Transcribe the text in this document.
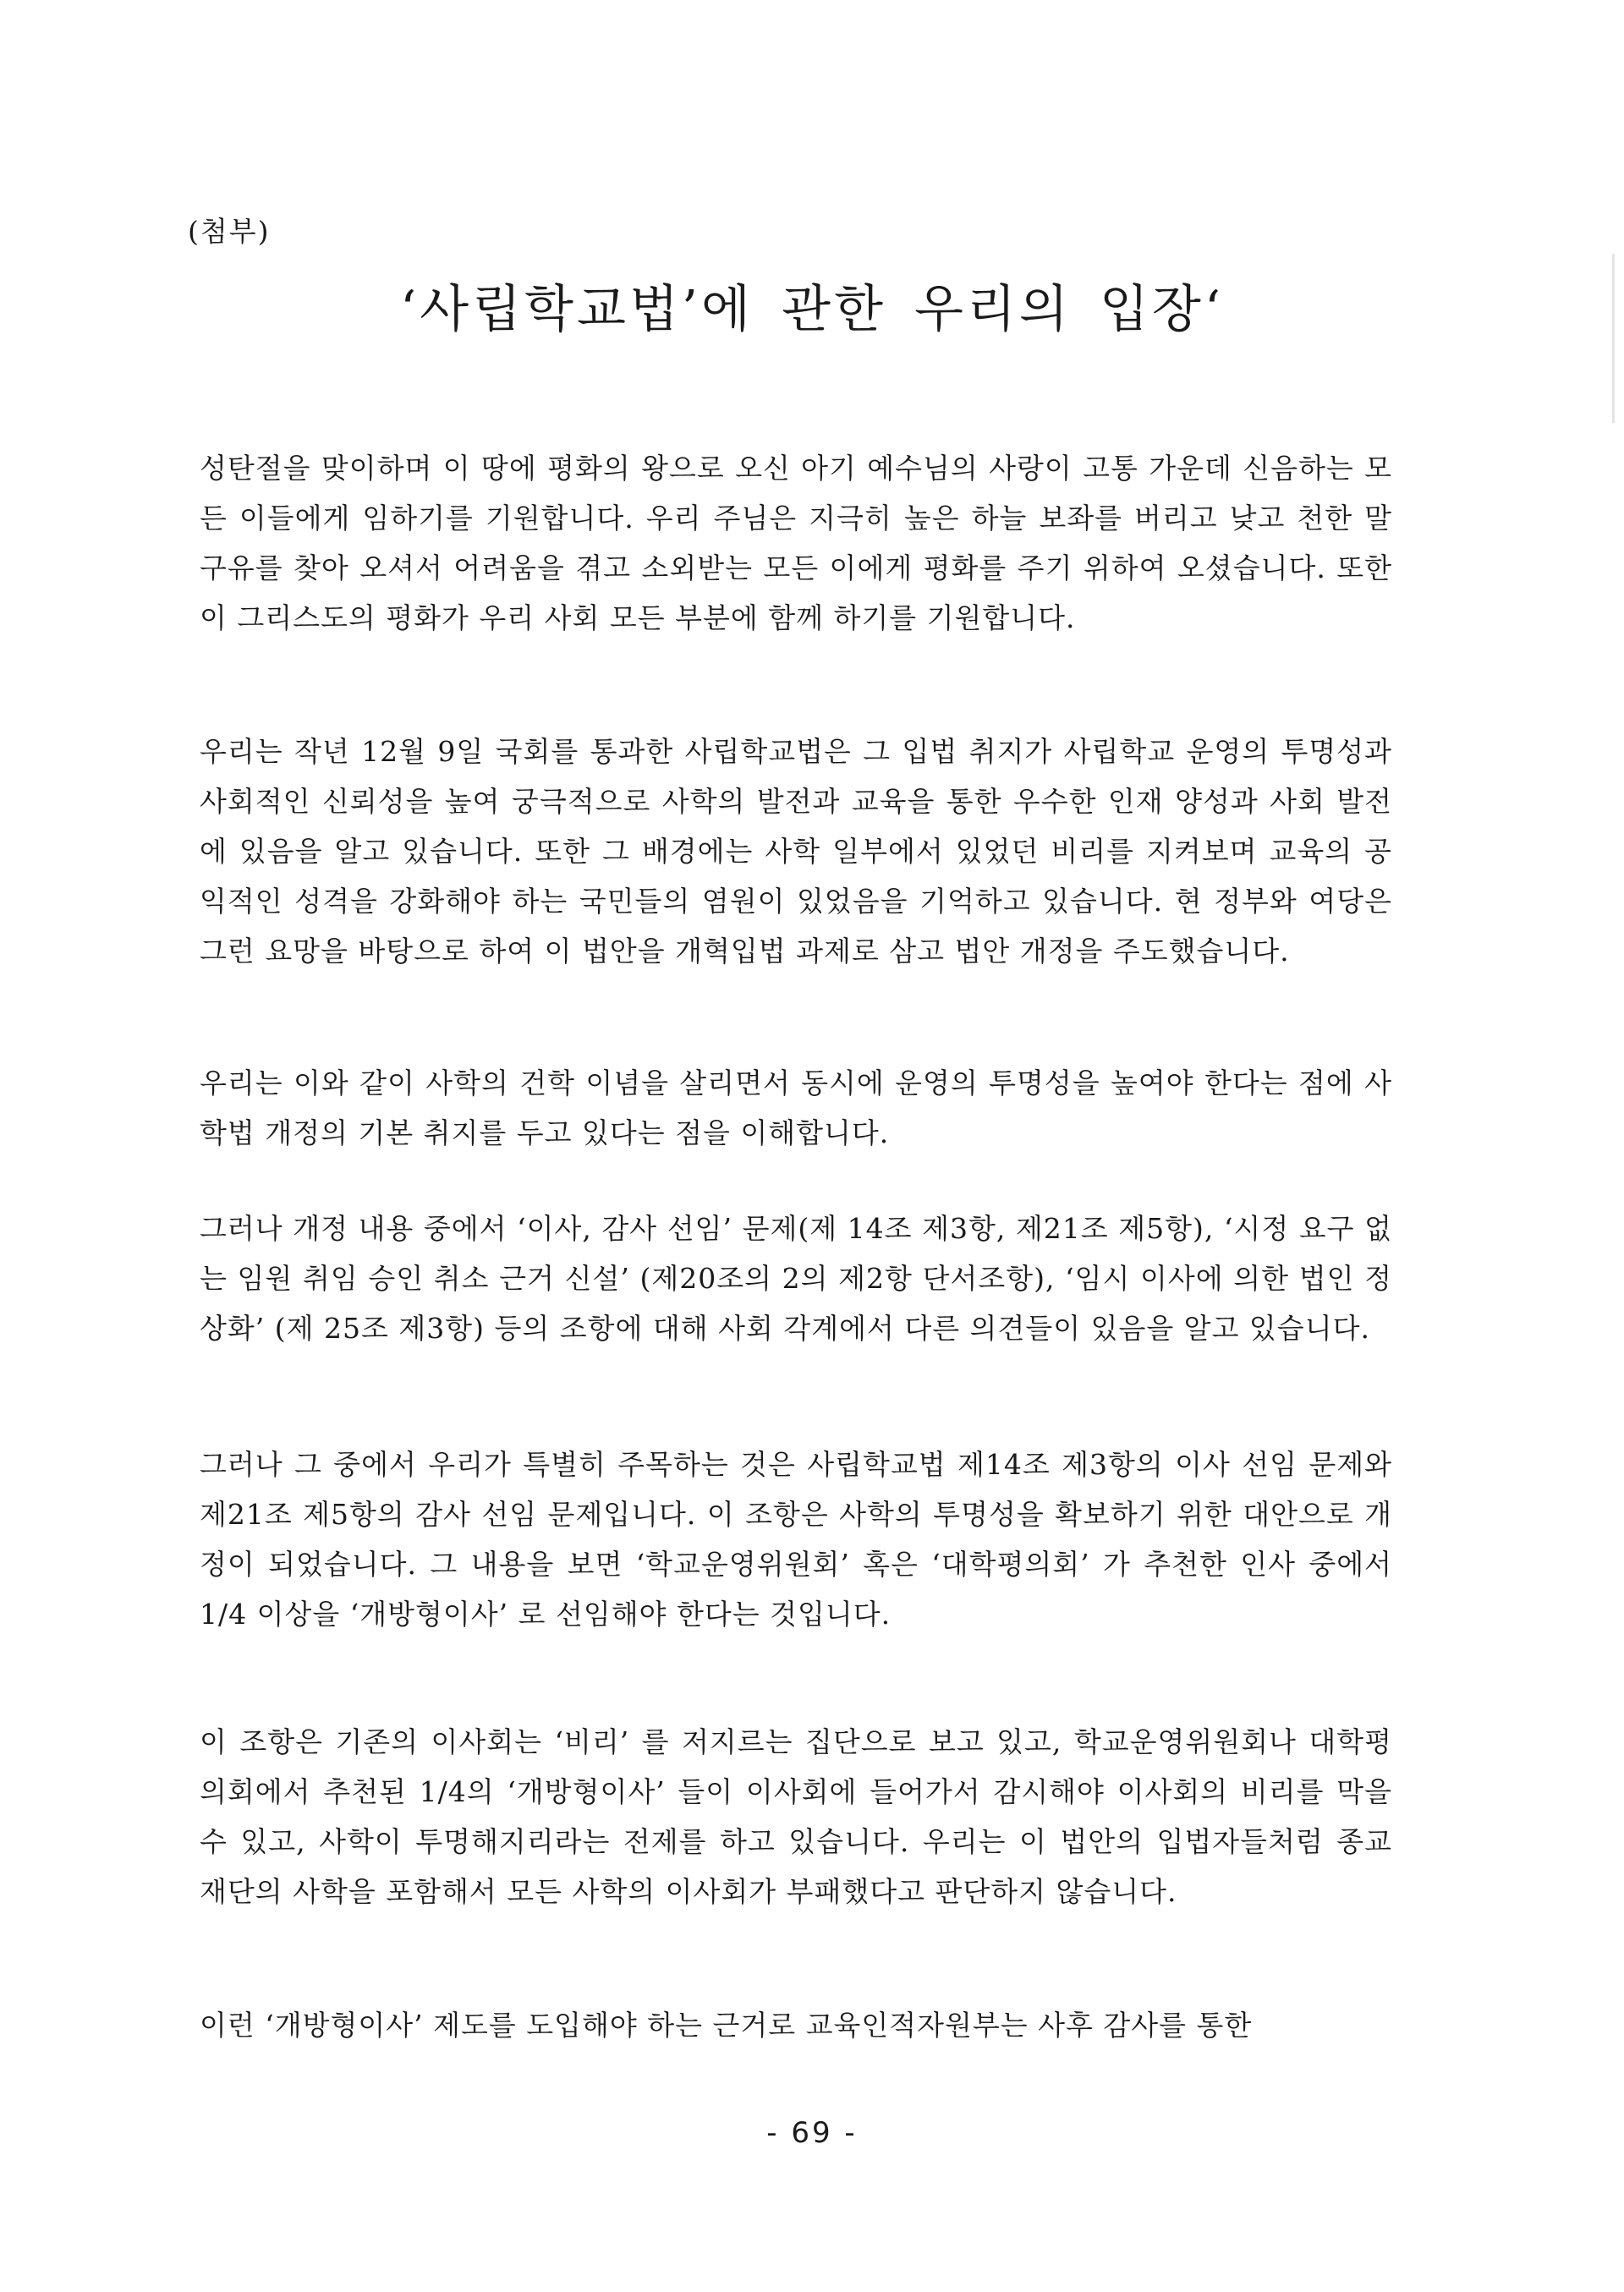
(첨부)
‘사립학교법’에 관한 우리의 입장‘

성탄절을 맞이하며 이 땅에 평화의 왕으로 오신 아기 예수님의 사랑이 고통 가운데 신음하는 모든 이들에게 임하기를 기원합니다. 우리 주님은 지극히 높은 하늘 보좌를 버리고 낮고 천한 말구유를 찾아 오셔서 어려움을 겪고 소외받는 모든 이에게 평화를 주기 위하여 오셨습니다. 또한 이 그리스도의 평화가 우리 사회 모든 부분에 함께 하기를 기원합니다.

우리는 작년 12월 9일 국회를 통과한 사립학교법은 그 입법 취지가 사립학교 운영의 투명성과 사회적인 신뢰성을 높여 궁극적으로 사학의 발전과 교육을 통한 우수한 인재 양성과 사회 발전에 있음을 알고 있습니다. 또한 그 배경에는 사학 일부에서 있었던 비리를 지켜보며 교육의 공익적인 성격을 강화해야 하는 국민들의 염원이 있었음을 기억하고 있습니다. 현 정부와 여당은 그런 요망을 바탕으로 하여 이 법안을 개혁입법 과제로 삼고 법안 개정을 주도했습니다.

우리는 이와 같이 사학의 건학 이념을 살리면서 동시에 운영의 투명성을 높여야 한다는 점에 사학법 개정의 기본 취지를 두고 있다는 점을 이해합니다.

그러나 개정 내용 중에서 ‘이사, 감사 선임’ 문제(제 14조 제3항, 제21조 제5항), ‘시정 요구 없는 임원 취임 승인 취소 근거 신설’ (제20조의 2의 제2항 단서조항), ‘임시 이사에 의한 법인 정상화’ (제 25조 제3항) 등의 조항에 대해 사회 각계에서 다른 의견들이 있음을 알고 있습니다.

그러나 그 중에서 우리가 특별히 주목하는 것은 사립학교법 제14조 제3항의 이사 선임 문제와 제21조 제5항의 감사 선임 문제입니다. 이 조항은 사학의 투명성을 확보하기 위한 대안으로 개정이 되었습니다. 그 내용을 보면 ‘학교운영위원회’ 혹은 ‘대학평의회’ 가 추천한 인사 중에서 1/4 이상을 ‘개방형이사’ 로 선임해야 한다는 것입니다.

이 조항은 기존의 이사회는 ‘비리’ 를 저지르는 집단으로 보고 있고, 학교운영위원회나 대학평의회에서 추천된 1/4의 ‘개방형이사’ 들이 이사회에 들어가서 감시해야 이사회의 비리를 막을 수 있고, 사학이 투명해지리라는 전제를 하고 있습니다. 우리는 이 법안의 입법자들처럼 종교 재단의 사학을 포함해서 모든 사학의 이사회가 부패했다고 판단하지 않습니다.

이런 ‘개방형이사’ 제도를 도입해야 하는 근거로 교육인적자원부는 사후 감사를 통한

- 69 -
